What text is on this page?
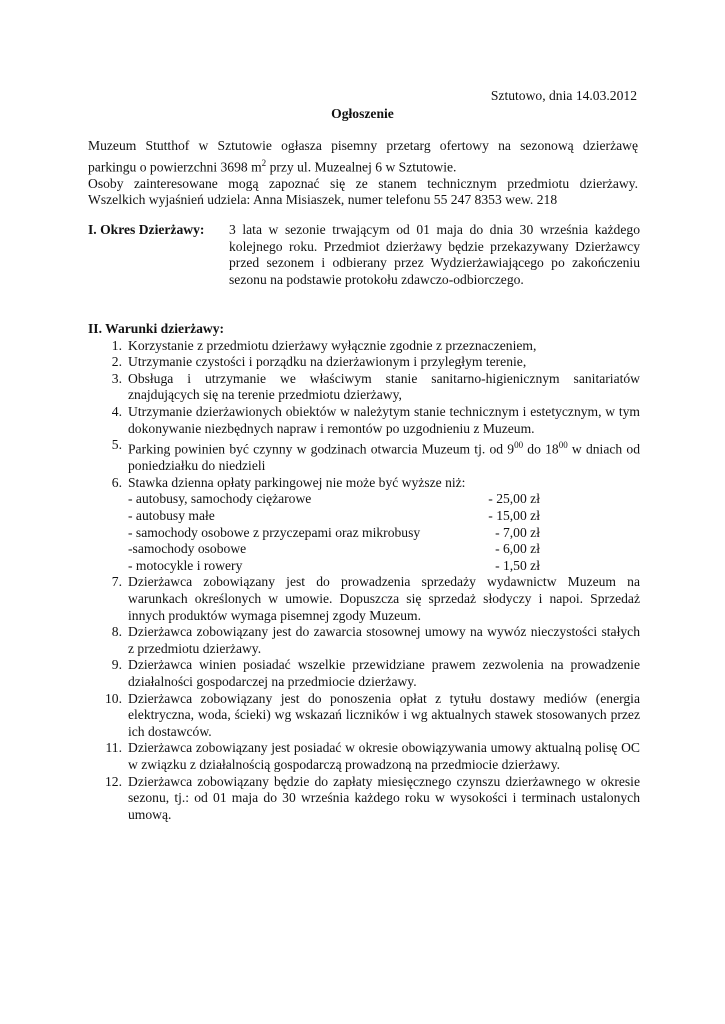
Sztutowo, dnia 14.03.2012
Ogłoszenie

Muzeum Stutthof w Sztutowie ogłasza pisemny przetarg ofertowy na sezonową dzierżawę

parkingu o powierzchni 3698 $m^2$ przy ul. Muzealnej 6 w Sztutowie.

Osoby zainteresowane mogą zapoznać się ze stanem technicznym przedmiotu dzierżawy.

Wszelkich wyjaśnień udziela: Anna Misiaszek, numer telefonu 55 247 8353 wew. 218

I. Okres Dzierżawy: 3 lata w sezonie trwającym od 01 maja do dnia 30 września każdego kolejnego roku. Przedmiot dzierżawy będzie przekazywany Dzierżawcy przed sezonem i odbierany przez Wydzierżawiającego po zakończeniu sezonu na podstawie protokołu zdawczo-odbiorczego.

II. Warunki dzierżawy:

1. Korzystanie z przedmiotu dzierżawy wyłącznie zgodnie z przeznaczeniem,
2. Utrzymanie czystości i porządku na dzierżawionym i przyległym terenie,
3. Obsługa i utrzymanie we właściwym stanie sanitarno-higienicznym sanitariatów znajdujących się na terenie przedmiotu dzierżawy,
4. Utrzymanie dzierżawionych obiektów w należytym stanie technicznym i estetycznym, w tym dokonywanie niezbędnych napraw i remontów po uzgodnieniu z Muzeum.
5. Parking powinien być czynny w godzinach otwarcia Muzeum tj. od $9^{00}$ do $18^{00}$ w dniach od poniedziałku do niedzieli
6. Stawka dzienna opłaty parkingowej nie może być wyższe niż:
- autobusy, samochody ciężarowe	- 25,00 zł
- autobusy małe	- 15,00 zł
- samochody osobowe z przyczepami oraz mikrobusy	- 7,00 zł
-samochody osobowe	- 6,00 zł
- motocykle i rowery	- 1,50 zł
7. Dzierżawca zobowiązany jest do prowadzenia sprzedaży wydawnictw Muzeum na warunkach określonych w umowie. Dopuszcza się sprzedaż słodyczy i napoi. Sprzedaż innych produktów wymaga pisemnej zgody Muzeum.
8. Dzierżawca zobowiązany jest do zawarcia stosownej umowy na wywóz nieczystości stałych z przedmiotu dzierżawy.
9. Dzierżawca winien posiadać wszelkie przewidziane prawem zezwolenia na prowadzenie działalności gospodarczej na przedmiocie dzierżawy.
10. Dzierżawca zobowiązany jest do ponoszenia opłat z tytułu dostawy mediów (energia elektryczna, woda, ścieki) wg wskazań liczników i wg aktualnych stawek stosowanych przez ich dostawców.
11. Dzierżawca zobowiązany jest posiadać w okresie obowiązywania umowy aktualną polisę OC w związku z działalnością gospodarczą prowadzoną na przedmiocie dzierżawy.
12. Dzierżawca zobowiązany będzie do zapłaty miesięcznego czynszu dzierżawnego w okresie sezonu, tj.: od 01 maja do 30 września każdego roku w wysokości i terminach ustalonych umową.
